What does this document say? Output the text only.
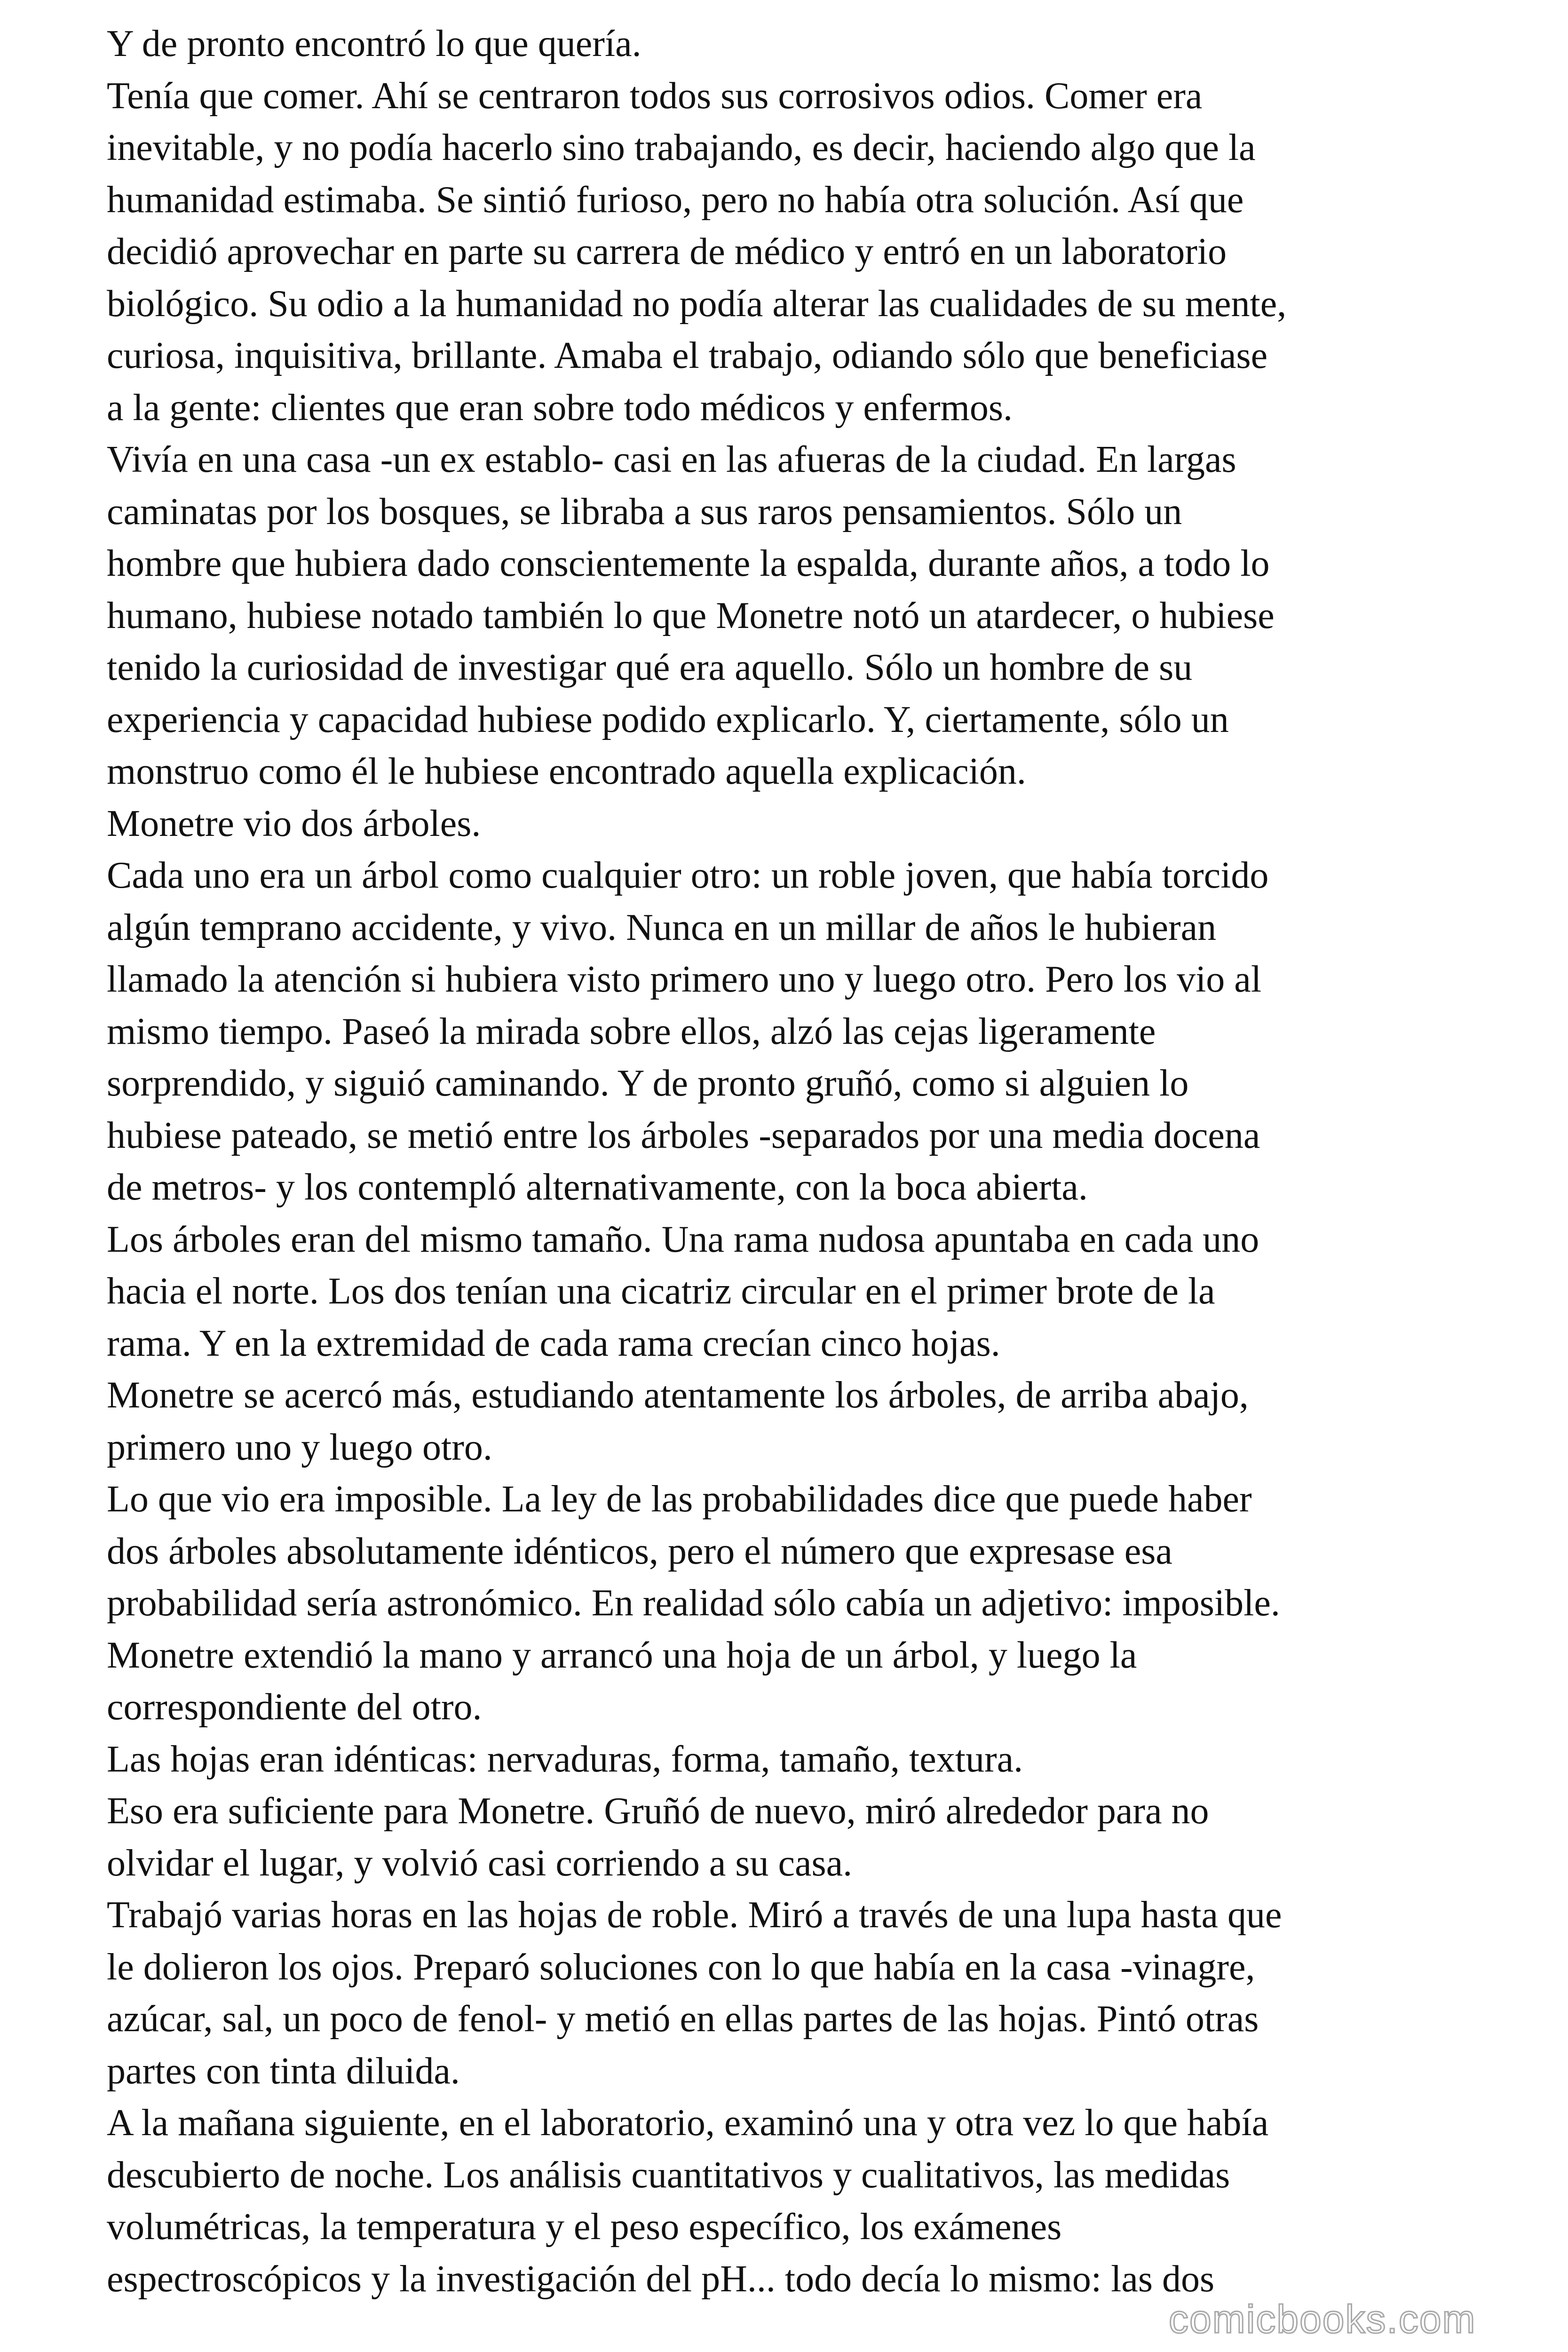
Y de pronto encontró lo que quería.
Tenía que comer. Ahí se centraron todos sus corrosivos odios. Comer era
inevitable, y no podía hacerlo sino trabajando, es decir, haciendo algo que la
humanidad estimaba. Se sintió furioso, pero no había otra solución. Así que
decidió aprovechar en parte su carrera de médico y entró en un laboratorio
biológico. Su odio a la humanidad no podía alterar las cualidades de su mente,
curiosa, inquisitiva, brillante. Amaba el trabajo, odiando sólo que beneficiase
a la gente: clientes que eran sobre todo médicos y enfermos.
Vivía en una casa -un ex establo- casi en las afueras de la ciudad. En largas
caminatas por los bosques, se libraba a sus raros pensamientos. Sólo un
hombre que hubiera dado conscientemente la espalda, durante años, a todo lo
humano, hubiese notado también lo que Monetre notó un atardecer, o hubiese
tenido la curiosidad de investigar qué era aquello. Sólo un hombre de su
experiencia y capacidad hubiese podido explicarlo. Y, ciertamente, sólo un
monstruo como él le hubiese encontrado aquella explicación.
Monetre vio dos árboles.
Cada uno era un árbol como cualquier otro: un roble joven, que había torcido
algún temprano accidente, y vivo. Nunca en un millar de años le hubieran
llamado la atención si hubiera visto primero uno y luego otro. Pero los vio al
mismo tiempo. Paseó la mirada sobre ellos, alzó las cejas ligeramente
sorprendido, y siguió caminando. Y de pronto gruñó, como si alguien lo
hubiese pateado, se metió entre los árboles -separados por una media docena
de metros- y los contempló alternativamente, con la boca abierta.
Los árboles eran del mismo tamaño. Una rama nudosa apuntaba en cada uno
hacia el norte. Los dos tenían una cicatriz circular en el primer brote de la
rama. Y en la extremidad de cada rama crecían cinco hojas.
Monetre se acercó más, estudiando atentamente los árboles, de arriba abajo,
primero uno y luego otro.
Lo que vio era imposible. La ley de las probabilidades dice que puede haber
dos árboles absolutamente idénticos, pero el número que expresase esa
probabilidad sería astronómico. En realidad sólo cabía un adjetivo: imposible.
Monetre extendió la mano y arrancó una hoja de un árbol, y luego la
correspondiente del otro.
Las hojas eran idénticas: nervaduras, forma, tamaño, textura.
Eso era suficiente para Monetre. Gruñó de nuevo, miró alrededor para no
olvidar el lugar, y volvió casi corriendo a su casa.
Trabajó varias horas en las hojas de roble. Miró a través de una lupa hasta que
le dolieron los ojos. Preparó soluciones con lo que había en la casa -vinagre,
azúcar, sal, un poco de fenol- y metió en ellas partes de las hojas. Pintó otras
partes con tinta diluida.
A la mañana siguiente, en el laboratorio, examinó una y otra vez lo que había
descubierto de noche. Los análisis cuantitativos y cualitativos, las medidas
volumétricas, la temperatura y el peso específico, los exámenes
espectroscópicos y la investigación del pH... todo decía lo mismo: las dos
comicbooks.com
